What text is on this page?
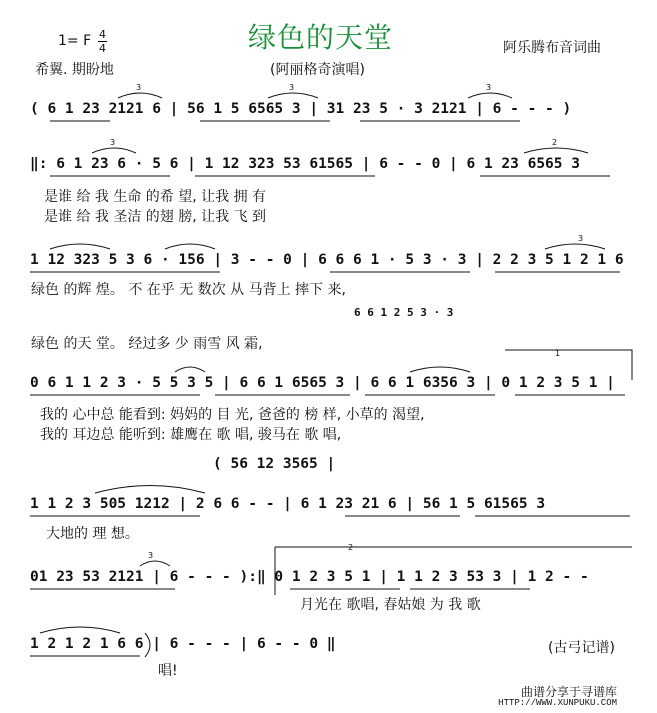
绿色的天堂
1= F 4
4	阿乐腾布音词曲
希翼. 期盼地	(阿丽格奇演唱)
( 6 1 23 2121 6 | 56 1 5 6565 3 | 31 23 5 · 3 2121 | 6 - - - )
‖: 6 1 23 6 · 5 6 | 1 12 323 53 61565 | 6 - - 0 | 6 1 23 6565 3
是谁 给 我 生命 的希 望, 让我 拥 有
是谁 给 我 圣洁 的翅 膀, 让我 飞 到
1 12 323 5 3 6 · 156 | 3 - - 0 | 6 6 6 1 · 5 3 · 3 | 2 2 3 5 1 2 1 6
绿色 的辉 煌。 不 在乎 无 数次 从 马背上 摔下 来,
6 6 1 2 5 3 · 3
绿色 的天 堂。 经过多 少 雨雪 风 霜,
0 6 1 1 2 3 · 5 5 3 5 | 6 6 1 6565 3 | 6 6 1 6356 3 | 0 1 2 3 5 1 |
我的 心中总 能看到: 妈妈的 目 光, 爸爸的 榜 样, 小草的 渴望,
我的 耳边总 能听到: 雄鹰在 歌 唱, 骏马在 歌 唱,
( 56 12 3565 |
1 1 2 3 505 1212 | 2 6 6 - - | 6 1 23 21 6 | 56 1 5 61565 3
大地的 理 想。
01 23 53 2121 | 6 - - - ):‖ 0 1 2 3 5 1 | 1 1 2 3 53 3 | 1 2 - -
月光在 歌唱, 春姑娘 为 我 歌
1 2 1 2 1 6 6 | 6 - - - | 6 - - 0 ‖	(古弓记谱)
唱!
曲谱分享于寻谱库
HTTP://WWW.XUNPUKU.COM
3	3	3
3	2
3
1
2
3
